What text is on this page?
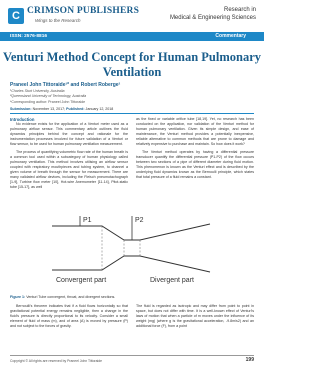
C CRIMSON PUBLISHERS
Wings to the Research
Research in
Medical & Engineering Sciences
ISSN: 2576-8816	Commentary
Venturi Method Concept for Human Pulmonary
Ventilation
Praneel John Tittoraide¹* and Robert Roberge²
¹Charles Sturt University, Australia
²Queensland University of Technology, Australia
*Corresponding author: Praneel John Tittoraide
Submission: November 13, 2017; Published: January 12, 2018
Introduction

No evidence exists for the application of a Venturi meter used as a pulmonary airflow sensor. This commentary article outlines the fluid dynamics principles behind the concept and rationale for the instrumentation processes involved for future validation of a Venturi or flow sensor, to be used for human pulmonary ventilation measurement.

The process of quantifying volumetric flow rate of the human breath is a common tool used within a subcategory of human physiology called pulmonary ventilation. This method involves utilising an airflow sensor coupled with respiratory mouthpieces and tubing system, to channel a given volume of breath through the sensor for measurement. There are many validated airflow devices, including the Fleisch pneumotachograph [1-9], Turbine flow meter [10], Hot-wire Anemometer [11-14], Pitot-static tube [15-17], as well

as the fixed or variable orifice tube [18,19]. Yet, no research has been conducted on the application, nor validation of the Venturi method for human pulmonary ventilation. Given its simple design, and ease of maintenance, the Venturi method provides a potentially inexpensive, reliable alternative to common methods that are prone to damage and relatively expensive to purchase and maintain. So how does it work?

The Venturi method operates by having a differential pressure transducer quantify the differential pressure (P1-P2) of the flow occurs between two sections of a pipe of different diameter during fluid motion. This phenomenon is known as the Venturi effect and is described by the underlying fluid dynamics known as the Bernoulli principle, which states that total pressure of a fluid remains a constant.

P1	P2
Convergent part	Divergent part
Figure 1: Venturi Tube convergent, throat, and divergent sections.

Bernoulli's theorem indicates that if a fluid flows horizontally so that gravitational potential energy remains negligible, then a change in the fluid's pressure is directly proportional to its velocity. Consider a small element of fluid of mass (m), and of area (A) is moved by pressure (P) and not subject to the forces of gravity.

The fluid is regarded as isotropic and may differ from point to point in space, but does not differ with time. It is a well-known effect of Venturi's laws of motion that when a particle of m moves under the influence of its weight (mg) (where g is the gravitational acceleration, -9.8m/s2) and an additional force (F), from a point

Copyright © All rights are reserved by Praneel John Tittoraide	199
